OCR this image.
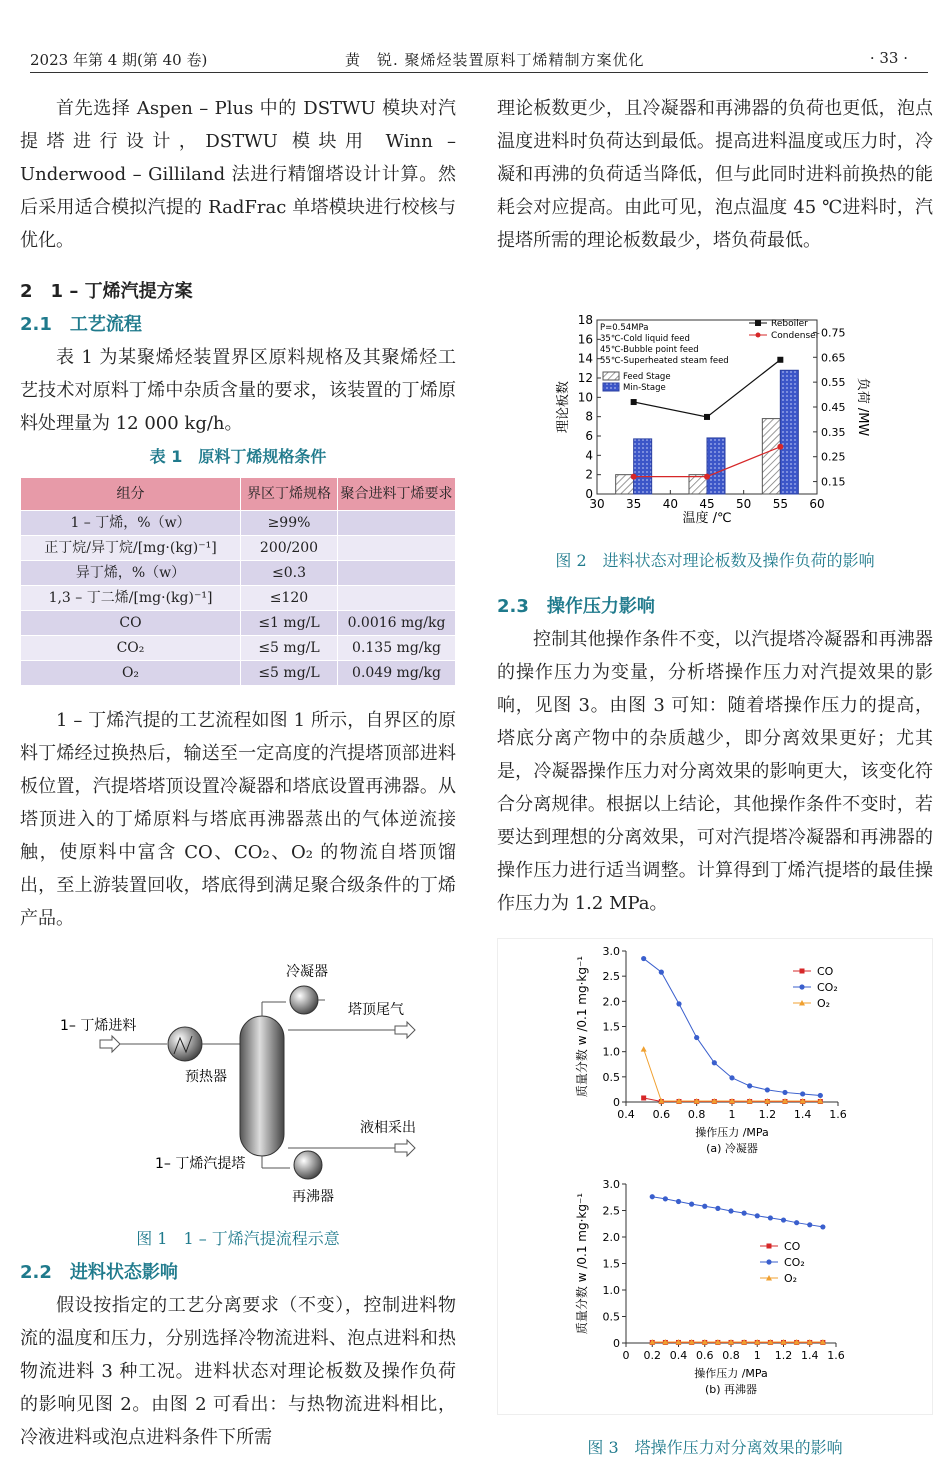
2023 年第 4 期(第 40 卷)	黄　锐. 聚烯烃装置原料丁烯精制方案优化	· 33 ·

首先选择 Aspen – Plus 中的 DSTWU 模块对汽提塔进行设计，DSTWU 模块用 Winn – Underwood – Gilliland 法进行精馏塔设计计算。然后采用适合模拟汽提的 RadFrac 单塔模块进行校核与优化。

2　1 – 丁烯汽提方案

2.1　工艺流程

表 1 为某聚烯烃装置界区原料规格及其聚烯烃工艺技术对原料丁烯中杂质含量的要求，该装置的丁烯原料处理量为 12 000 kg/h。

表 1　原料丁烯规格条件

组分	界区丁烯规格	聚合进料丁烯要求
1 – 丁烯，%（w）	≥99%	
正丁烷/异丁烷/[mg·(kg)⁻¹]	200/200	
异丁烯，%（w）	≤0.3	
1,3 – 丁二烯/[mg·(kg)⁻¹]	≤120	
CO	≤1 mg/L	0.0016 mg/kg
CO₂	≤5 mg/L	0.135 mg/kg
O₂	≤5 mg/L	0.049 mg/kg

1 – 丁烯汽提的工艺流程如图 1 所示，自界区的原料丁烯经过换热后，输送至一定高度的汽提塔顶部进料板位置，汽提塔塔顶设置冷凝器和塔底设置再沸器。从塔顶进入的丁烯原料与塔底再沸器蒸出的气体逆流接触，使原料中富含 CO、CO₂、O₂ 的物流自塔顶馏出，至上游装置回收，塔底得到满足聚合级条件的丁烯产品。

1– 丁烯进料
预热器
冷凝器
塔顶尾气
再沸器
液相采出
1– 丁烯汽提塔
图 1　1 – 丁烯汽提流程示意

2.2　进料状态影响

假设按指定的工艺分离要求（不变），控制进料物流的温度和压力，分别选择冷物流进料、泡点进料和热物流进料 3 种工况。进料状态对理论板数及操作负荷的影响见图 2。由图 2 可看出：与热物流进料相比，冷液进料或泡点进料条件下所需

理论板数更少，且冷凝器和再沸器的负荷也更低，泡点温度进料时负荷达到最低。提高进料温度或压力时，冷凝和再沸的负荷适当降低，但与此同时进料前换热的能耗会对应提高。由此可见，泡点温度 45 ℃进料时，汽提塔所需的理论板数最少，塔负荷最低。

30 35 40 45 50 55 60
0
2
4
6
8
10
12
14
16
18
0.15
0.25
0.35
0.45
0.55
0.65
0.75
温度 /℃
理论板数	负荷 /MW
P=0.54MPa
35℃-Cold liquid feed
45℃-Bubble point feed
55℃-Superheated steam feed
Feed Stage
Min-Stage
Reboiler
Condenser
图 2　进料状态对理论板数及操作负荷的影响

2.3　操作压力影响

控制其他操作条件不变，以汽提塔冷凝器和再沸器的操作压力为变量，分析塔操作压力对汽提效果的影响，见图 3。由图 3 可知：随着塔操作压力的提高，塔底分离产物中的杂质越少，即分离效果更好；尤其是，冷凝器操作压力对分离效果的影响更大，该变化符合分离规律。根据以上结论，其他操作条件不变时，若要达到理想的分离效果，可对汽提塔冷凝器和再沸器的操作压力进行适当调整。计算得到丁烯汽提塔的最佳操作压力为 1.2 MPa。

0.4 0.6 0.8 1 1.2 1.4 1.6
0
0.5
1.0
1.5
2.0
2.5
3.0
操作压力 /MPa
(a) 冷凝器
质量分数 w /0.1 mg·kg⁻¹	CO
CO₂
O₂
0 0.2 0.4 0.6 0.8 1 1.2 1.4 1.6
0
0.5
1.0
1.5
2.0
2.5
3.0
操作压力 /MPa
(b) 再沸器
质量分数 w /0.1 mg·kg⁻¹	CO
CO₂
O₂
图 3　塔操作压力对分离效果的影响
